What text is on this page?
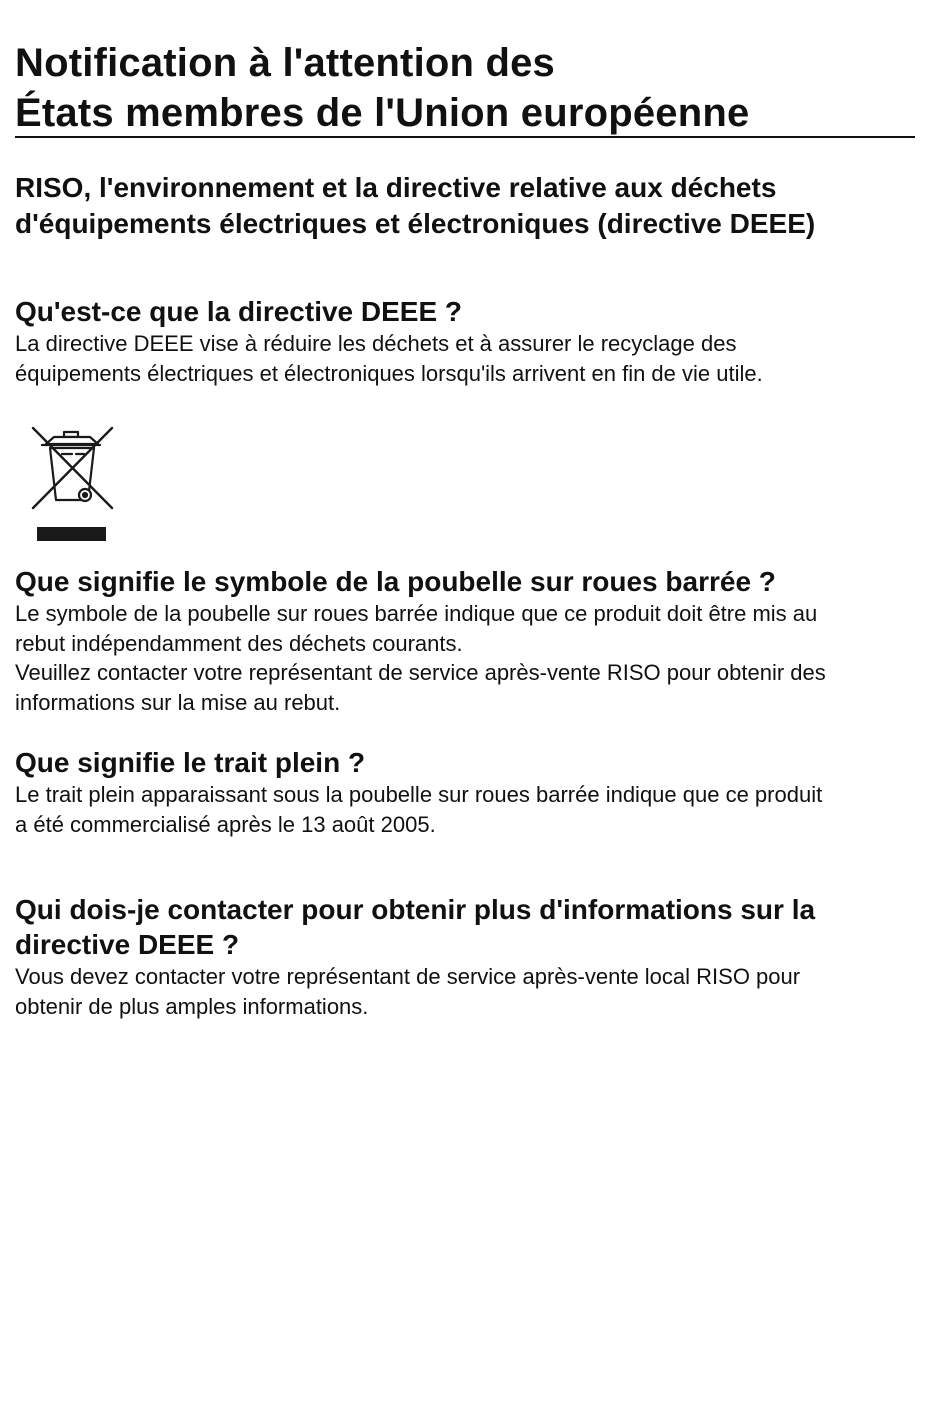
Notification à l'attention des
États membres de l'Union européenne
RISO, l'environnement et la directive relative aux déchets
d'équipements électriques et électroniques (directive DEEE)
Qu'est-ce que la directive DEEE ?

La directive DEEE vise à réduire les déchets et à assurer le recyclage des
équipements électriques et électroniques lorsqu'ils arrivent en fin de vie utile.

Que signifie le symbole de la poubelle sur roues barrée ?

Le symbole de la poubelle sur roues barrée indique que ce produit doit être mis au
rebut indépendamment des déchets courants.
Veuillez contacter votre représentant de service après-vente RISO pour obtenir des
informations sur la mise au rebut.

Que signifie le trait plein ?

Le trait plein apparaissant sous la poubelle sur roues barrée indique que ce produit
a été commercialisé après le 13 août 2005.

Qui dois-je contacter pour obtenir plus d'informations sur la
directive DEEE ?

Vous devez contacter votre représentant de service après-vente local RISO pour
obtenir de plus amples informations.
